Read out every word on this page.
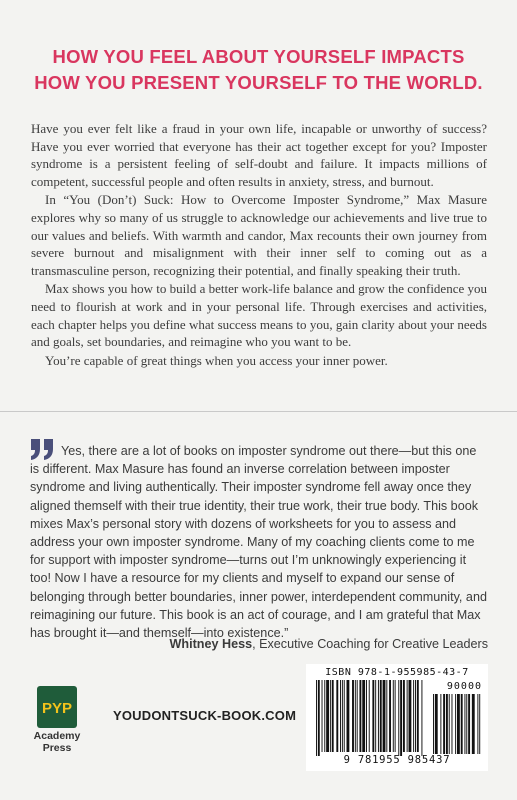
HOW YOU FEEL ABOUT YOURSELF IMPACTS
HOW YOU PRESENT YOURSELF TO THE WORLD.

Have you ever felt like a fraud in your own life, incapable or unworthy of success? Have you ever worried that everyone has their act together except for you? Imposter syndrome is a persistent feeling of self-doubt and failure. It impacts millions of competent, successful people and often results in anxiety, stress, and burnout.

In “You (Don’t) Suck: How to Overcome Imposter Syndrome,” Max Masure explores why so many of us struggle to acknowledge our achievements and live true to our values and beliefs. With warmth and candor, Max recounts their own journey from severe burnout and misalignment with their inner self to coming out as a transmasculine person, recognizing their potential, and finally speaking their truth.

Max shows you how to build a better work-life balance and grow the confidence you need to flourish at work and in your personal life. Through exercises and activities, each chapter helps you define what success means to you, gain clarity about your needs and goals, set boundaries, and reimagine who you want to be.

You’re capable of great things when you access your inner power.

Yes, there are a lot of books on imposter syndrome out there—but this one is different. Max Masure has found an inverse correlation between imposter syndrome and living authentically. Their imposter syndrome fell away once they aligned themself with their true identity, their true work, their true body. This book mixes Max’s personal story with dozens of worksheets for you to assess and address your own imposter syndrome. Many of my coaching clients come to me for support with imposter syndrome—turns out I’m unknowingly experiencing it too! Now I have a resource for my clients and myself to expand our sense of belonging through better boundaries, inner power, interdependent community, and reimagining our future. This book is an act of courage, and I am grateful that Max has brought it—and themself—into existence.”
Whitney Hess, Executive Coaching for Creative Leaders
PYP
Academy
Press
YOUDONTSUCK-BOOK.COM
ISBN 978-1-955985-43-7
90000
9 781955 985437
